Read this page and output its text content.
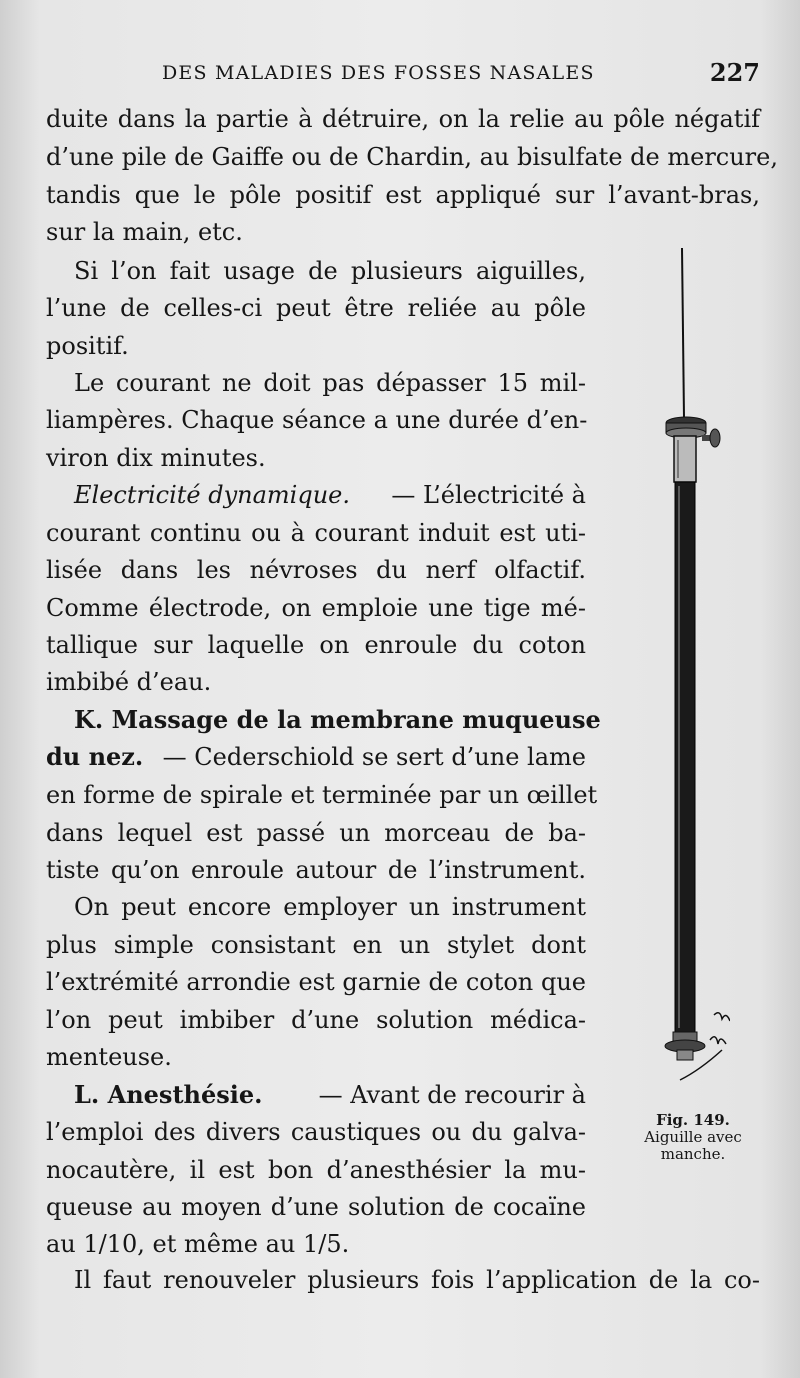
DES MALADIES DES FOSSES NASALES	227
duite dans la partie à détruire, on la relie au pôle négatif
d’une pile de Gaiffe ou de Chardin, au bisulfate de mercure,
tandis que le pôle positif est appliqué sur l’avant-bras,
sur la main, etc.
Si l’on fait usage de plusieurs aiguilles,
l’une de celles-ci peut être reliée au pôle
positif.
Le courant ne doit pas dépasser 15 mil-
liampères. Chaque séance a une durée d’en-
viron dix minutes.
Electricité dynamique. — L’électricité à
courant continu ou à courant induit est uti-
lisée dans les névroses du nerf olfactif.
Comme électrode, on emploie une tige mé-
tallique sur laquelle on enroule du coton
imbibé d’eau.
K. Massage de la membrane muqueuse
du nez. — Cederschiold se sert d’une lame
en forme de spirale et terminée par un œillet
dans lequel est passé un morceau de ba-
tiste qu’on enroule autour de l’instrument.
On peut encore employer un instrument
plus simple consistant en un stylet dont
l’extrémité arrondie est garnie de coton que
l’on peut imbiber d’une solution médica-
menteuse.
L. Anesthésie. — Avant de recourir à
l’emploi des divers caustiques ou du galva-
nocautère, il est bon d’anesthésier la mu-
queuse au moyen d’une solution de cocaïne
au 1/10, et même au 1/5.
Il faut renouveler plusieurs fois l’application de la co-
Fig. 149.
Aiguille avec
manche.
